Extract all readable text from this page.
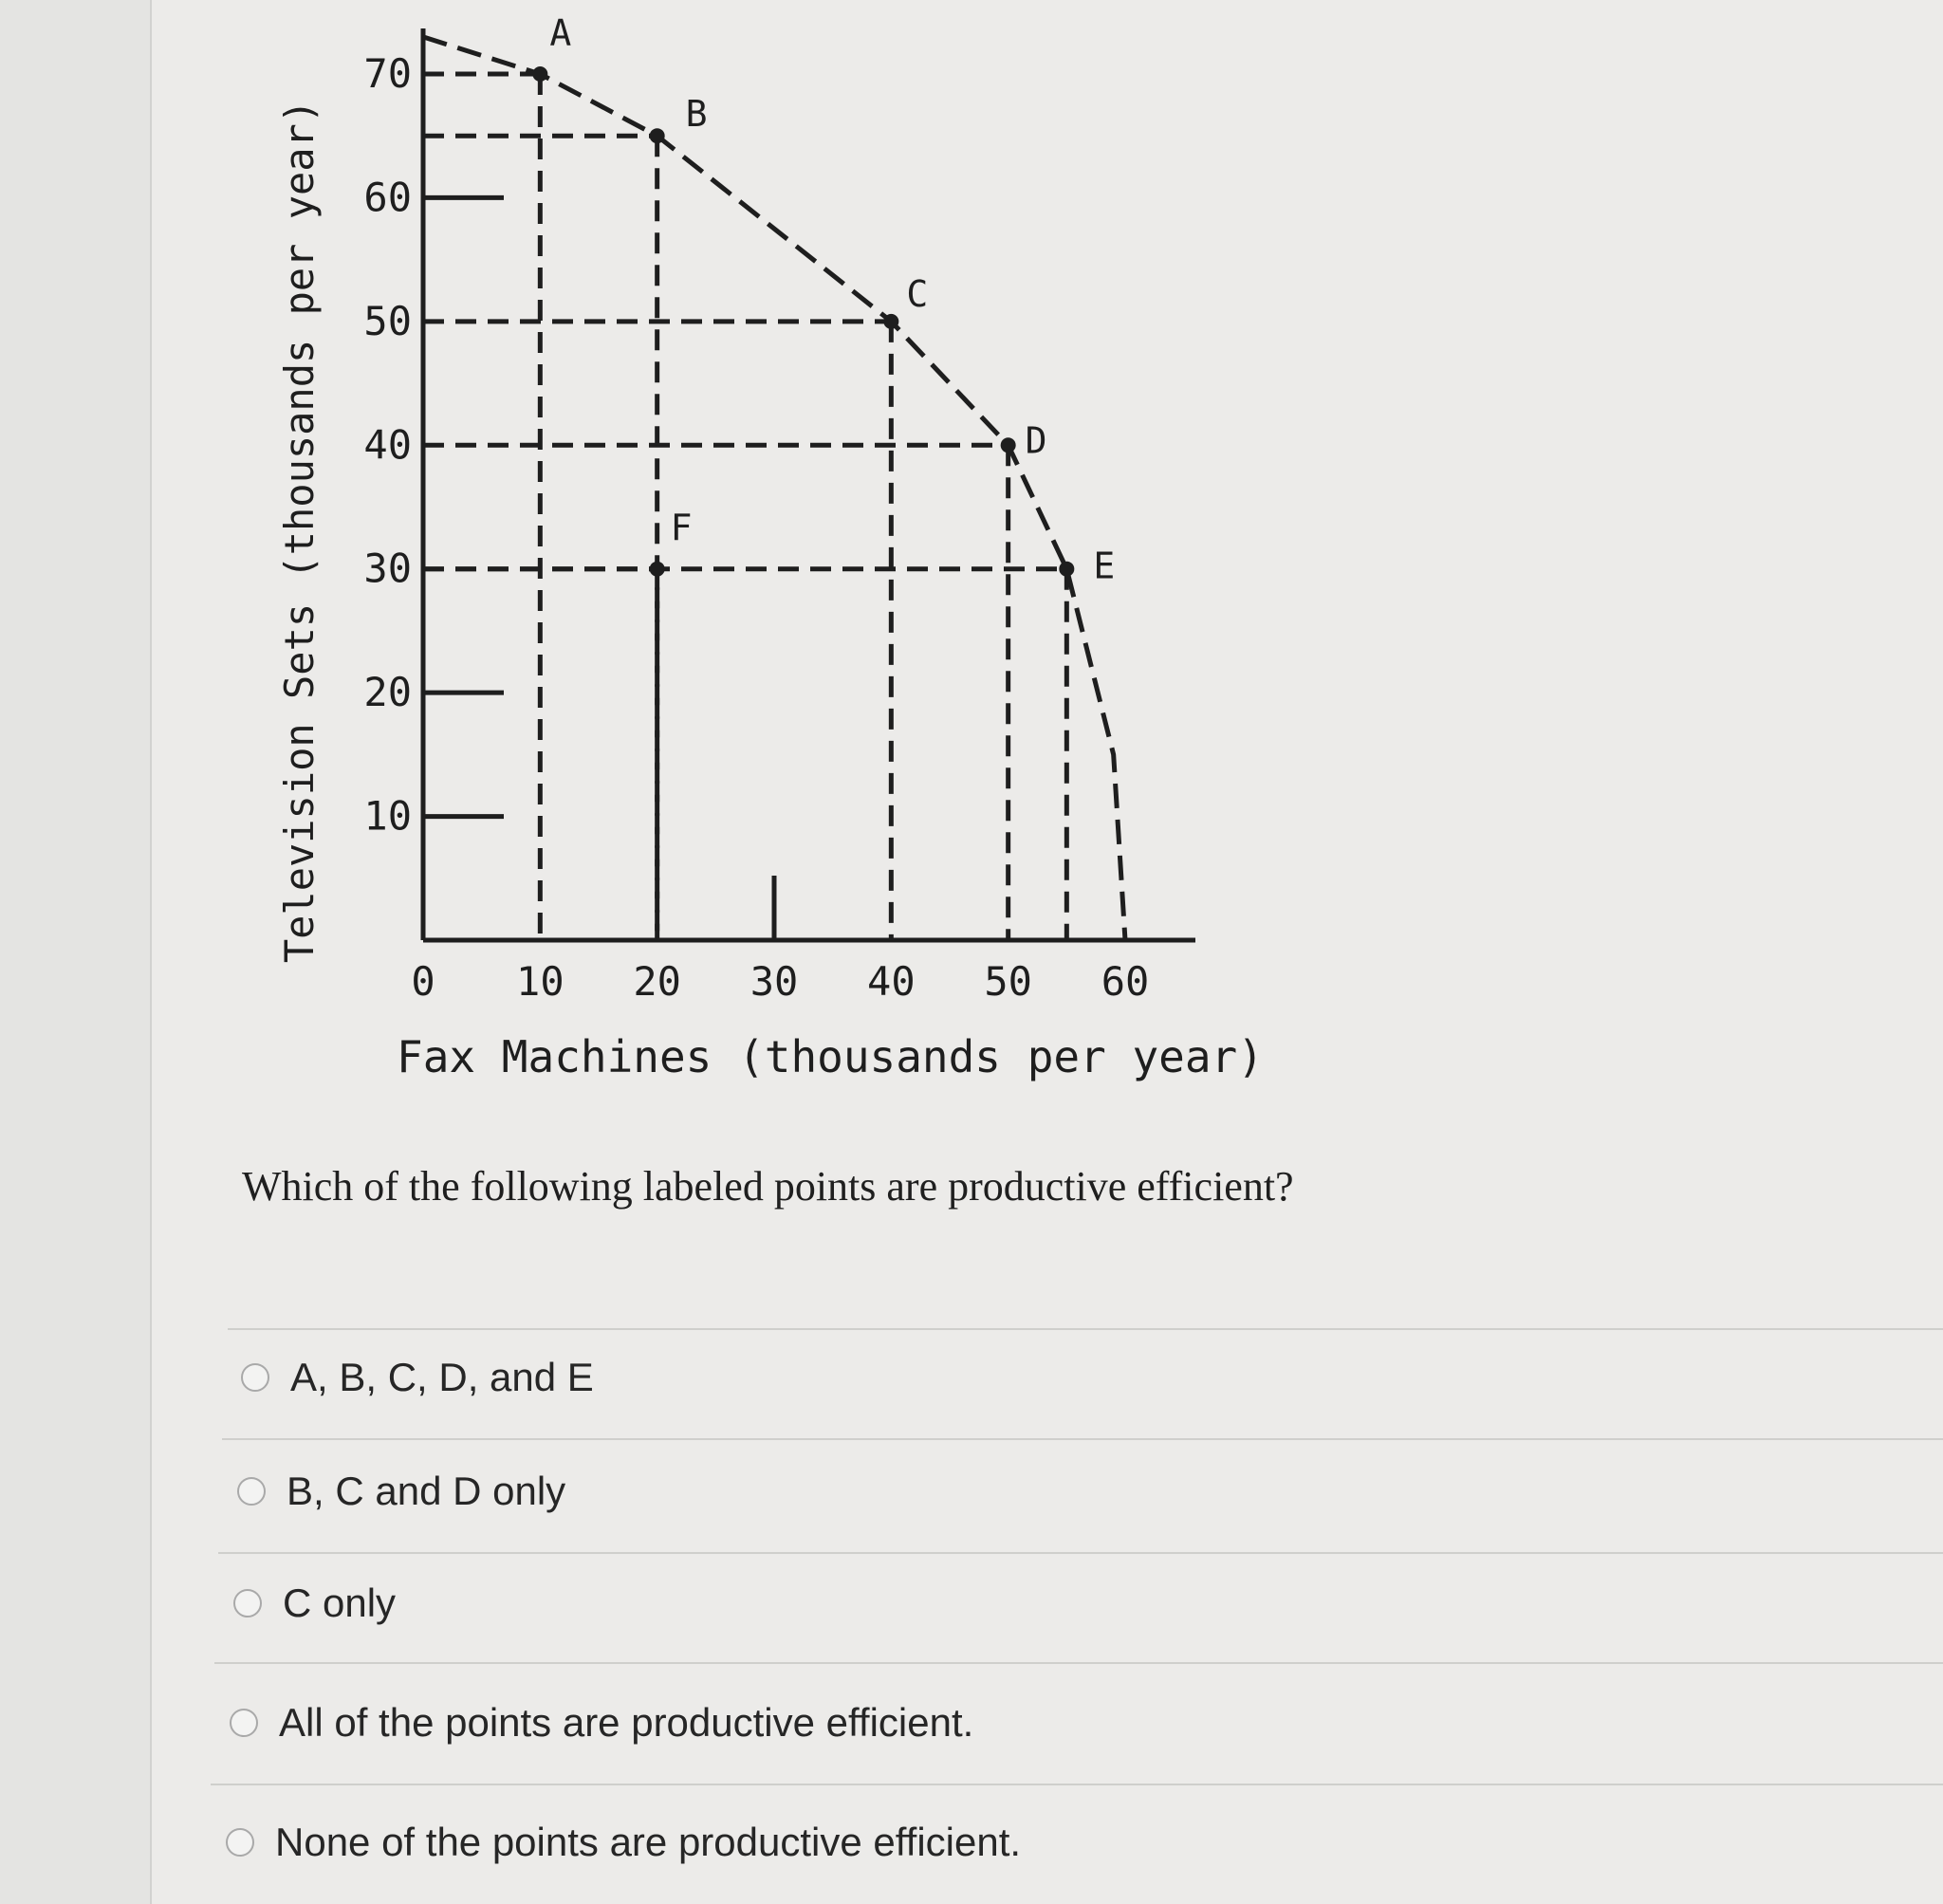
A
B
C
D
E
F
0 10 20 30 40 50 60
10
20
30
40
50
60
70
Television Sets (thousands per year)
Fax Machines (thousands per year)
Which of the following labeled points are productive efficient?
A, B, C, D, and E
B, C and D only
C only
All of the points are productive efficient.
None of the points are productive efficient.
